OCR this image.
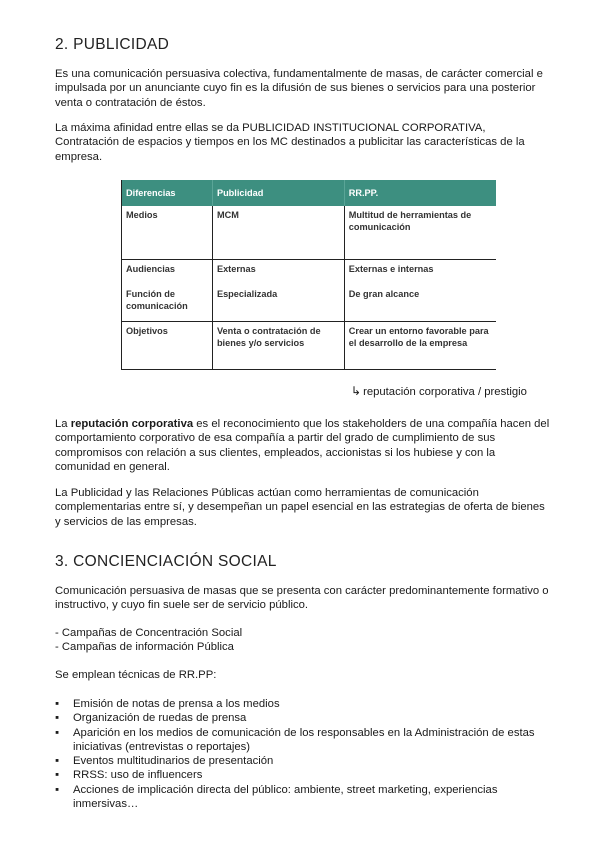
2. PUBLICIDAD

Es una comunicación persuasiva colectiva, fundamentalmente de masas, de carácter comercial e impulsada por un anunciante cuyo fin es la difusión de sus bienes o servicios para una posterior venta o contratación de éstos.

La máxima afinidad entre ellas se da PUBLICIDAD INSTITUCIONAL CORPORATIVA, Contratación de espacios y tiempos en los MC destinados a publicitar las características de la empresa.

Diferencias	Publicidad	RR.PP.
Medios	MCM	Multitud de herramientas de comunicación
Audiencias	Externas	Externas e internas
Función de comunicación	Especializada	De gran alcance
Objetivos	Venta o contratación de bienes y/o servicios	Crear un entorno favorable para el desarrollo de la empresa
↳ reputación corporativa / prestigio

La reputación corporativa es el reconocimiento que los stakeholders de una compañía hacen del comportamiento corporativo de esa compañía a partir del grado de cumplimiento de sus compromisos con relación a sus clientes, empleados, accionistas si los hubiese y con la comunidad en general.

La Publicidad y las Relaciones Públicas actúan como herramientas de comunicación complementarias entre sí, y desempeñan un papel esencial en las estrategias de oferta de bienes y servicios de las empresas.

3. CONCIENCIACIÓN SOCIAL

Comunicación persuasiva de masas que se presenta con carácter predominantemente formativo o instructivo, y cuyo fin suele ser de servicio público.

- Campañas de Concentración Social
- Campañas de información Pública

Se emplean técnicas de RR.PP:

▪ Emisión de notas de prensa a los medios
▪ Organización de ruedas de prensa
▪ Aparición en los medios de comunicación de los responsables en la Administración de estas iniciativas (entrevistas o reportajes)
▪ Eventos multitudinarios de presentación
▪ RRSS: uso de influencers
▪ Acciones de implicación directa del público: ambiente, street marketing, experiencias inmersivas…
